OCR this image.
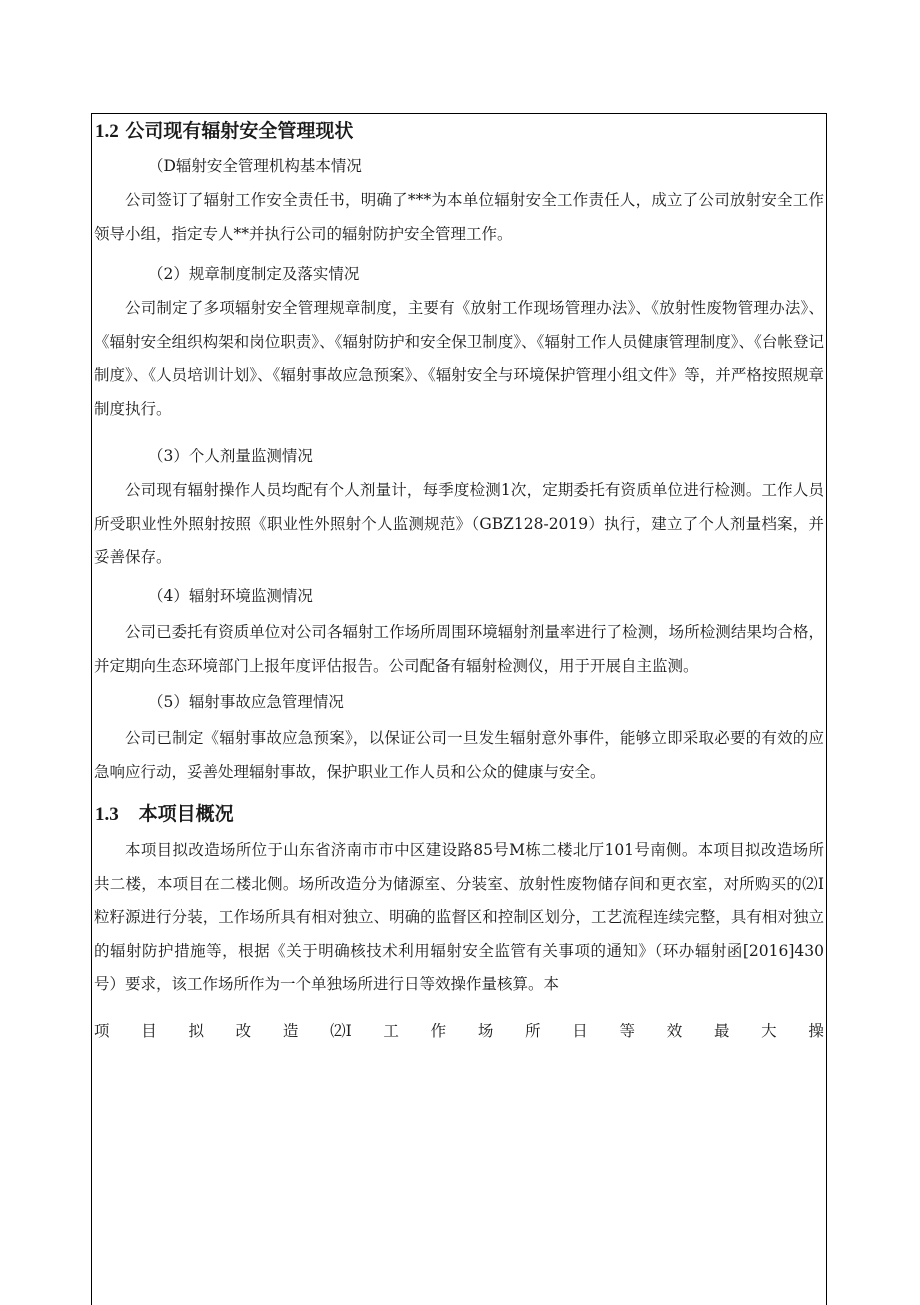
1.2 公司现有辐射安全管理现状
（D辐射安全管理机构基本情况
公司签订了辐射工作安全责任书，明确了***为本单位辐射安全工作责任人，成立了公司放射安全工作领导小组，指定专人**并执行公司的辐射防护安全管理工作。
（2）规章制度制定及落实情况
公司制定了多项辐射安全管理规章制度，主要有《放射工作现场管理办法》、《放射性废物管理办法》、《辐射安全组织构架和岗位职责》、《辐射防护和安全保卫制度》、《辐射工作人员健康管理制度》、《台帐登记制度》、《人员培训计划》、《辐射事故应急预案》、《辐射安全与环境保护管理小组文件》等，并严格按照规章制度执行。
（3）个人剂量监测情况
公司现有辐射操作人员均配有个人剂量计，每季度检测1次，定期委托有资质单位进行检测。工作人员所受职业性外照射按照《职业性外照射个人监测规范》（GBZ128-2019）执行，建立了个人剂量档案，并妥善保存。
（4）辐射环境监测情况
公司已委托有资质单位对公司各辐射工作场所周围环境辐射剂量率进行了检测，场所检测结果均合格，并定期向生态环境部门上报年度评估报告。公司配备有辐射检测仪，用于开展自主监测。
（5）辐射事故应急管理情况
公司已制定《辐射事故应急预案》，以保证公司一旦发生辐射意外事件，能够立即采取必要的有效的应急响应行动，妥善处理辐射事故，保护职业工作人员和公众的健康与安全。
1.3 本项目概况
本项目拟改造场所位于山东省济南市市中区建设路85号M栋二楼北厅101号南侧。本项目拟改造场所共二楼，本项目在二楼北侧。场所改造分为储源室、分装室、放射性废物储存间和更衣室，对所购买的⑵I粒籽源进行分装，工作场所具有相对独立、明确的监督区和控制区划分，工艺流程连续完整，具有相对独立的辐射防护措施等，根据《关于明确核技术利用辐射安全监管有关事项的通知》（环办辐射函[2016]430号）要求，该工作场所作为一个单独场所进行日等效操作量核算。本
项 目 拟 改 造 ⑵I 工 作 场 所 日 等 效 最 大 操
